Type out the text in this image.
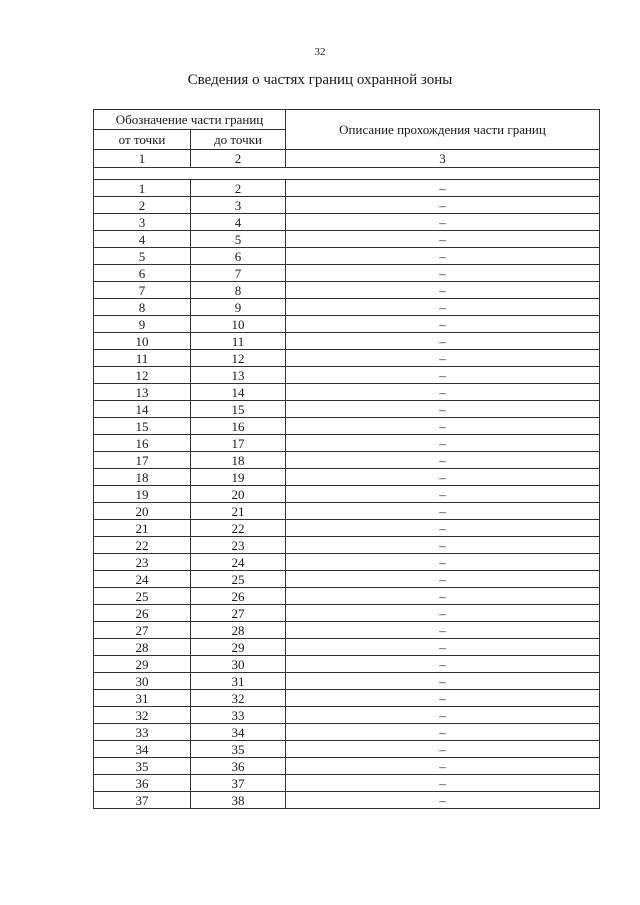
32
Сведения о частях границ охранной зоны
Обозначение части границ		Описание прохождения части границ
от точки	до точки	
1	2	3

1	2	–
2	3	–
3	4	–
4	5	–
5	6	–
6	7	–
7	8	–
8	9	–
9	10	–
10	11	–
11	12	–
12	13	–
13	14	–
14	15	–
15	16	–
16	17	–
17	18	–
18	19	–
19	20	–
20	21	–
21	22	–
22	23	–
23	24	–
24	25	–
25	26	–
26	27	–
27	28	–
28	29	–
29	30	–
30	31	–
31	32	–
32	33	–
33	34	–
34	35	–
35	36	–
36	37	–
37	38	–
